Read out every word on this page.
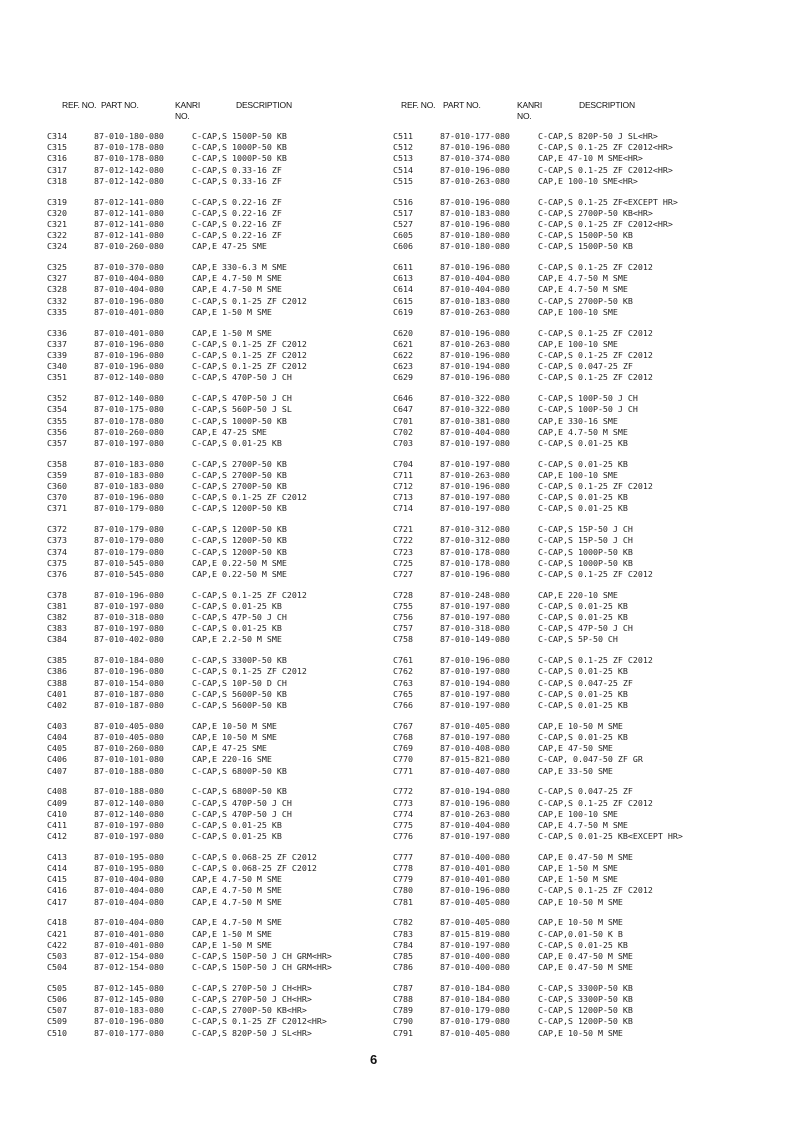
REF. NO. PART NO.	KANRI
NO.
DESCRIPTION	REF. NO. PART NO.	KANRI
NO.
DESCRIPTION
C314	87-010-180-080	C-CAP,S 1500P-50 KB
C315	87-010-178-080	C-CAP,S 1000P-50 KB
C316	87-010-178-080	C-CAP,S 1000P-50 KB
C317	87-012-142-080	C-CAP,S 0.33-16 ZF
C318	87-012-142-080	C-CAP,S 0.33-16 ZF
C319	87-012-141-080	C-CAP,S 0.22-16 ZF
C320	87-012-141-080	C-CAP,S 0.22-16 ZF
C321	87-012-141-080	C-CAP,S 0.22-16 ZF
C322	87-012-141-080	C-CAP,S 0.22-16 ZF
C324	87-010-260-080	CAP,E 47-25 SME
C325	87-010-370-080	CAP,E 330-6.3 M SME
C327	87-010-404-080	CAP,E 4.7-50 M SME
C328	87-010-404-080	CAP,E 4.7-50 M SME
C332	87-010-196-080	C-CAP,S 0.1-25 ZF C2012
C335	87-010-401-080	CAP,E 1-50 M SME
C336	87-010-401-080	CAP,E 1-50 M SME
C337	87-010-196-080	C-CAP,S 0.1-25 ZF C2012
C339	87-010-196-080	C-CAP,S 0.1-25 ZF C2012
C340	87-010-196-080	C-CAP,S 0.1-25 ZF C2012
C351	87-012-140-080	C-CAP,S 470P-50 J CH
C352	87-012-140-080	C-CAP,S 470P-50 J CH
C354	87-010-175-080	C-CAP,S 560P-50 J SL
C355	87-010-178-080	C-CAP,S 1000P-50 KB
C356	87-010-260-080	CAP,E 47-25 SME
C357	87-010-197-080	C-CAP,S 0.01-25 KB
C358	87-010-183-080	C-CAP,S 2700P-50 KB
C359	87-010-183-080	C-CAP,S 2700P-50 KB
C360	87-010-183-080	C-CAP,S 2700P-50 KB
C370	87-010-196-080	C-CAP,S 0.1-25 ZF C2012
C371	87-010-179-080	C-CAP,S 1200P-50 KB
C372	87-010-179-080	C-CAP,S 1200P-50 KB
C373	87-010-179-080	C-CAP,S 1200P-50 KB
C374	87-010-179-080	C-CAP,S 1200P-50 KB
C375	87-010-545-080	CAP,E 0.22-50 M SME
C376	87-010-545-080	CAP,E 0.22-50 M SME
C378	87-010-196-080	C-CAP,S 0.1-25 ZF C2012
C381	87-010-197-080	C-CAP,S 0.01-25 KB
C382	87-010-318-080	C-CAP,S 47P-50 J CH
C383	87-010-197-080	C-CAP,S 0.01-25 KB
C384	87-010-402-080	CAP,E 2.2-50 M SME
C385	87-010-184-080	C-CAP,S 3300P-50 KB
C386	87-010-196-080	C-CAP,S 0.1-25 ZF C2012
C388	87-010-154-080	C-CAP,S 10P-50 D CH
C401	87-010-187-080	C-CAP,S 5600P-50 KB
C402	87-010-187-080	C-CAP,S 5600P-50 KB
C403	87-010-405-080	CAP,E 10-50 M SME
C404	87-010-405-080	CAP,E 10-50 M SME
C405	87-010-260-080	CAP,E 47-25 SME
C406	87-010-101-080	CAP,E 220-16 SME
C407	87-010-188-080	C-CAP,S 6800P-50 KB
C408	87-010-188-080	C-CAP,S 6800P-50 KB
C409	87-012-140-080	C-CAP,S 470P-50 J CH
C410	87-012-140-080	C-CAP,S 470P-50 J CH
C411	87-010-197-080	C-CAP,S 0.01-25 KB
C412	87-010-197-080	C-CAP,S 0.01-25 KB
C413	87-010-195-080	C-CAP,S 0.068-25 ZF C2012
C414	87-010-195-080	C-CAP,S 0.068-25 ZF C2012
C415	87-010-404-080	CAP,E 4.7-50 M SME
C416	87-010-404-080	CAP,E 4.7-50 M SME
C417	87-010-404-080	CAP,E 4.7-50 M SME
C418	87-010-404-080	CAP,E 4.7-50 M SME
C421	87-010-401-080	CAP,E 1-50 M SME
C422	87-010-401-080	CAP,E 1-50 M SME
C503	87-012-154-080	C-CAP,S 150P-50 J CH GRM<HR>
C504	87-012-154-080	C-CAP,S 150P-50 J CH GRM<HR>
C505	87-012-145-080	C-CAP,S 270P-50 J CH<HR>
C506	87-012-145-080	C-CAP,S 270P-50 J CH<HR>
C507	87-010-183-080	C-CAP,S 2700P-50 KB<HR>
C509	87-010-196-080	C-CAP,S 0.1-25 ZF C2012<HR>
C510	87-010-177-080	C-CAP,S 820P-50 J SL<HR>
C511	87-010-177-080	C-CAP,S 820P-50 J SL<HR>
C512	87-010-196-080	C-CAP,S 0.1-25 ZF C2012<HR>
C513	87-010-374-080	CAP,E 47-10 M SME<HR>
C514	87-010-196-080	C-CAP,S 0.1-25 ZF C2012<HR>
C515	87-010-263-080	CAP,E 100-10 SME<HR>
C516	87-010-196-080	C-CAP,S 0.1-25 ZF<EXCEPT HR>
C517	87-010-183-080	C-CAP,S 2700P-50 KB<HR>
C527	87-010-196-080	C-CAP,S 0.1-25 ZF C2012<HR>
C605	87-010-180-080	C-CAP,S 1500P-50 KB
C606	87-010-180-080	C-CAP,S 1500P-50 KB
C611	87-010-196-080	C-CAP,S 0.1-25 ZF C2012
C613	87-010-404-080	CAP,E 4.7-50 M SME
C614	87-010-404-080	CAP,E 4.7-50 M SME
C615	87-010-183-080	C-CAP,S 2700P-50 KB
C619	87-010-263-080	CAP,E 100-10 SME
C620	87-010-196-080	C-CAP,S 0.1-25 ZF C2012
C621	87-010-263-080	CAP,E 100-10 SME
C622	87-010-196-080	C-CAP,S 0.1-25 ZF C2012
C623	87-010-194-080	C-CAP,S 0.047-25 ZF
C629	87-010-196-080	C-CAP,S 0.1-25 ZF C2012
C646	87-010-322-080	C-CAP,S 100P-50 J CH
C647	87-010-322-080	C-CAP,S 100P-50 J CH
C701	87-010-381-080	CAP,E 330-16 SME
C702	87-010-404-080	CAP,E 4.7-50 M SME
C703	87-010-197-080	C-CAP,S 0.01-25 KB
C704	87-010-197-080	C-CAP,S 0.01-25 KB
C711	87-010-263-080	CAP,E 100-10 SME
C712	87-010-196-080	C-CAP,S 0.1-25 ZF C2012
C713	87-010-197-080	C-CAP,S 0.01-25 KB
C714	87-010-197-080	C-CAP,S 0.01-25 KB
C721	87-010-312-080	C-CAP,S 15P-50 J CH
C722	87-010-312-080	C-CAP,S 15P-50 J CH
C723	87-010-178-080	C-CAP,S 1000P-50 KB
C725	87-010-178-080	C-CAP,S 1000P-50 KB
C727	87-010-196-080	C-CAP,S 0.1-25 ZF C2012
C728	87-010-248-080	CAP,E 220-10 SME
C755	87-010-197-080	C-CAP,S 0.01-25 KB
C756	87-010-197-080	C-CAP,S 0.01-25 KB
C757	87-010-318-080	C-CAP,S 47P-50 J CH
C758	87-010-149-080	C-CAP,S 5P-50 CH
C761	87-010-196-080	C-CAP,S 0.1-25 ZF C2012
C762	87-010-197-080	C-CAP,S 0.01-25 KB
C763	87-010-194-080	C-CAP,S 0.047-25 ZF
C765	87-010-197-080	C-CAP,S 0.01-25 KB
C766	87-010-197-080	C-CAP,S 0.01-25 KB
C767	87-010-405-080	CAP,E 10-50 M SME
C768	87-010-197-080	C-CAP,S 0.01-25 KB
C769	87-010-408-080	CAP,E 47-50 SME
C770	87-015-821-080	C-CAP, 0.047-50 ZF GR
C771	87-010-407-080	CAP,E 33-50 SME
C772	87-010-194-080	C-CAP,S 0.047-25 ZF
C773	87-010-196-080	C-CAP,S 0.1-25 ZF C2012
C774	87-010-263-080	CAP,E 100-10 SME
C775	87-010-404-080	CAP,E 4.7-50 M SME
C776	87-010-197-080	C-CAP,S 0.01-25 KB<EXCEPT HR>
C777	87-010-400-080	CAP,E 0.47-50 M SME
C778	87-010-401-080	CAP,E 1-50 M SME
C779	87-010-401-080	CAP,E 1-50 M SME
C780	87-010-196-080	C-CAP,S 0.1-25 ZF C2012
C781	87-010-405-080	CAP,E 10-50 M SME
C782	87-010-405-080	CAP,E 10-50 M SME
C783	87-015-819-080	C-CAP,0.01-50 K B
C784	87-010-197-080	C-CAP,S 0.01-25 KB
C785	87-010-400-080	CAP,E 0.47-50 M SME
C786	87-010-400-080	CAP,E 0.47-50 M SME
C787	87-010-184-080	C-CAP,S 3300P-50 KB
C788	87-010-184-080	C-CAP,S 3300P-50 KB
C789	87-010-179-080	C-CAP,S 1200P-50 KB
C790	87-010-179-080	C-CAP,S 1200P-50 KB
C791	87-010-405-080	CAP,E 10-50 M SME
6
